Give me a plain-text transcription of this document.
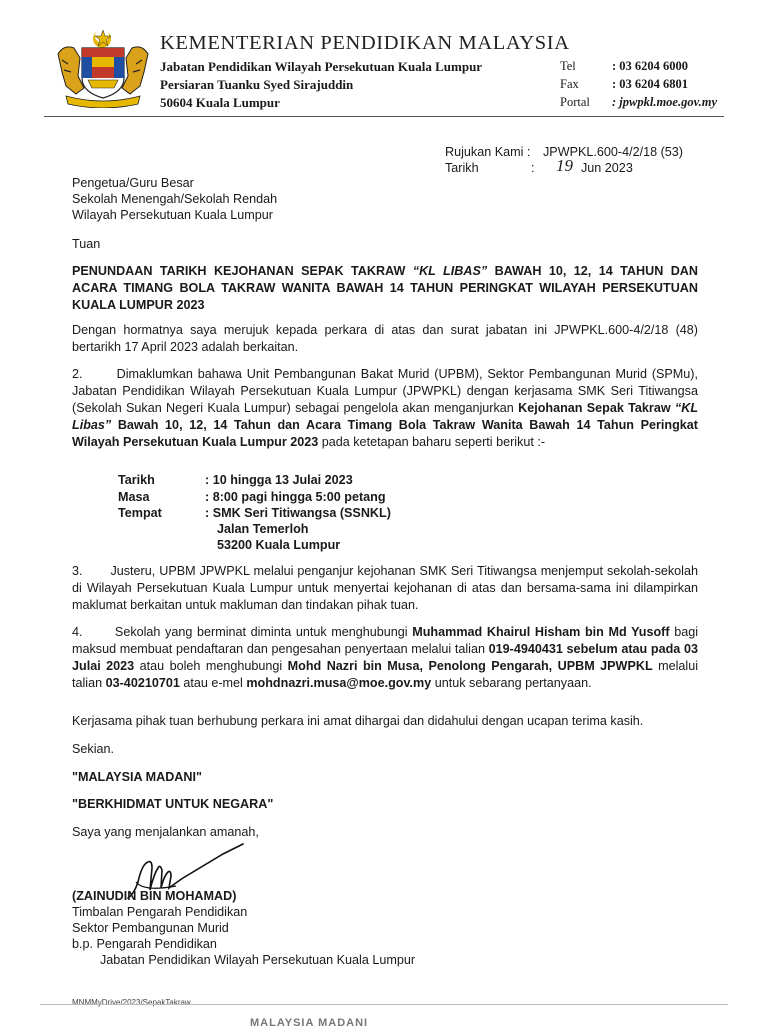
KEMENTERIAN PENDIDIKAN MALAYSIA
Jabatan Pendidikan Wilayah Persekutuan Kuala Lumpur
Persiaran Tuanku Syed Sirajuddin
50604 Kuala Lumpur
Tel	: 03 6204 6000
Fax	: 03 6204 6801
Portal : jpwpkl.moe.gov.my
Rujukan Kami : JPWPKL.600-4/2/18 (53)
Tarikh	: 19 Jun 2023
Pengetua/Guru Besar
Sekolah Menengah/Sekolah Rendah
Wilayah Persekutuan Kuala Lumpur
Tuan
PENUNDAAN TARIKH KEJOHANAN SEPAK TAKRAW “KL LIBAS” BAWAH 10, 12, 14 TAHUN DAN ACARA TIMANG BOLA TAKRAW WANITA BAWAH 14 TAHUN PERINGKAT WILAYAH PERSEKUTUAN KUALA LUMPUR 2023
Dengan hormatnya saya merujuk kepada perkara di atas dan surat jabatan ini JPWPKL.600-4/2/18 (48) bertarikh 17 April 2023 adalah berkaitan.
2.	Dimaklumkan bahawa Unit Pembangunan Bakat Murid (UPBM), Sektor Pembangunan Murid (SPMu), Jabatan Pendidikan Wilayah Persekutuan Kuala Lumpur (JPWPKL) dengan kerjasama SMK Seri Titiwangsa (Sekolah Sukan Negeri Kuala Lumpur) sebagai pengelola akan menganjurkan Kejohanan Sepak Takraw “KL Libas” Bawah 10, 12, 14 Tahun dan Acara Timang Bola Takraw Wanita Bawah 14 Tahun Peringkat Wilayah Persekutuan Kuala Lumpur 2023 pada ketetapan baharu seperti berikut :-
Tarikh	: 10 hingga 13 Julai 2023
Masa	: 8:00 pagi hingga 5:00 petang
Tempat	: SMK Seri Titiwangsa (SSNKL)
Jalan Temerloh
53200 Kuala Lumpur
3. Justeru, UPBM JPWPKL melalui penganjur kejohanan SMK Seri Titiwangsa menjemput sekolah-sekolah di Wilayah Persekutuan Kuala Lumpur untuk menyertai kejohanan di atas dan bersama-sama ini dilampirkan maklumat berkaitan untuk makluman dan tindakan pihak tuan.
4.	Sekolah yang berminat diminta untuk menghubungi Muhammad Khairul Hisham bin Md Yusoff bagi maksud membuat pendaftaran dan pengesahan penyertaan melalui talian 019-4940431 sebelum atau pada 03 Julai 2023 atau boleh menghubungi Mohd Nazri bin Musa, Penolong Pengarah, UPBM JPWPKL melalui talian 03-40210701 atau e-mel mohdnazri.musa@moe.gov.my untuk sebarang pertanyaan.
Kerjasama pihak tuan berhubung perkara ini amat dihargai dan didahului dengan ucapan terima kasih.
Sekian.
"MALAYSIA MADANI"
"BERKHIDMAT UNTUK NEGARA"
Saya yang menjalankan amanah,
(ZAINUDIN BIN MOHAMAD)
Timbalan Pengarah Pendidikan
Sektor Pembangunan Murid
b.p. Pengarah Pendidikan
Jabatan Pendidikan Wilayah Persekutuan Kuala Lumpur
MNMMyDrive/2023/SepakTakraw
MALAYSIA MADANI
